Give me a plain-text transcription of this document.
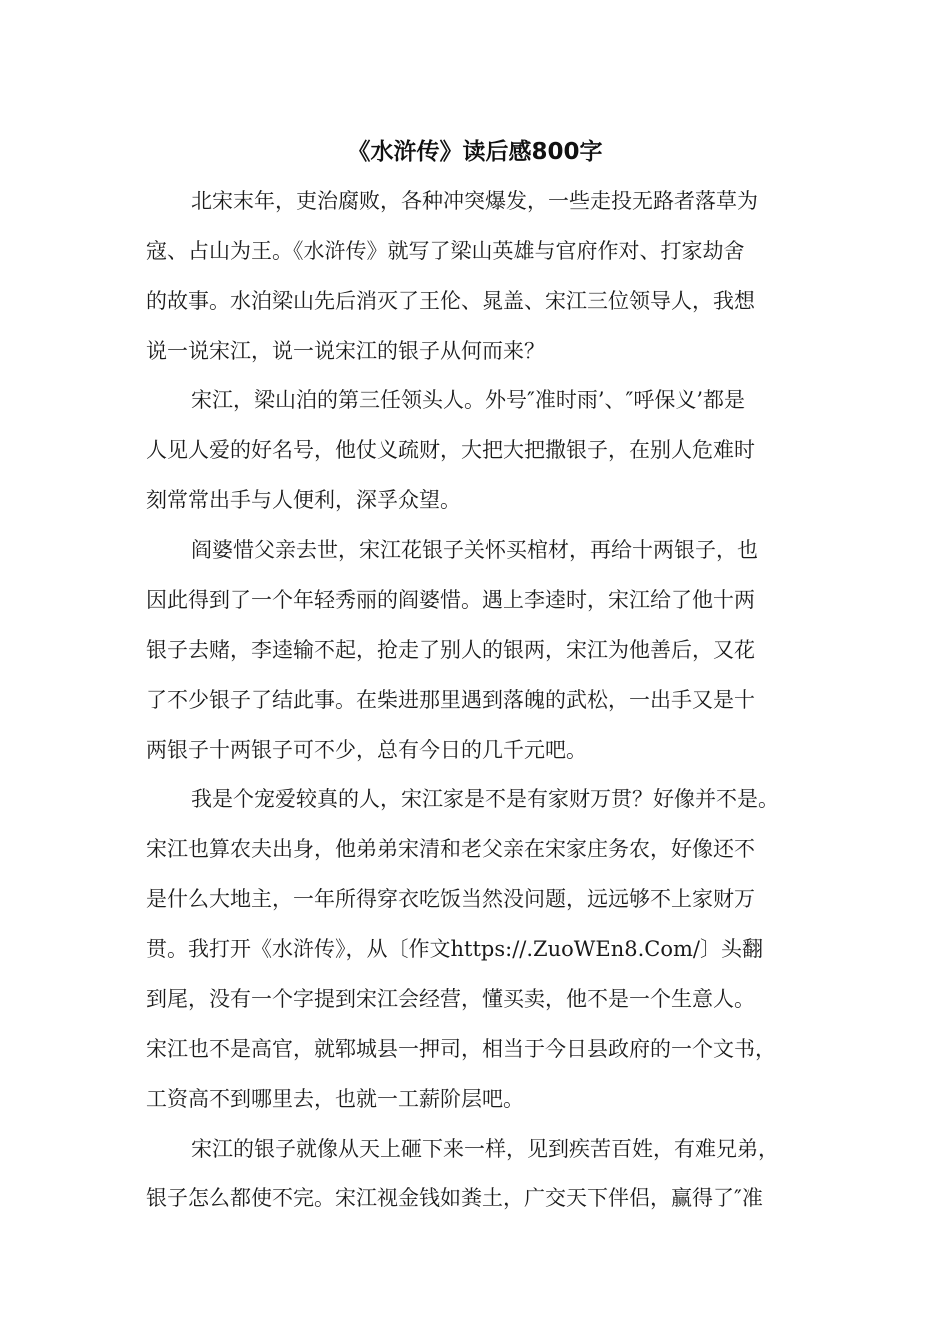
《水浒传》读后感800字
北宋末年，吏治腐败，各种冲突爆发，一些走投无路者落草为
寇、占山为王。《水浒传》就写了梁山英雄与官府作对、打家劫舍
的故事。水泊梁山先后消灭了王伦、晁盖、宋江三位领导人，我想
说一说宋江，说一说宋江的银子从何而来？
宋江，梁山泊的第三任领头人。外号″准时雨’、″呼保义’都是
人见人爱的好名号，他仗义疏财，大把大把撒银子，在别人危难时
刻常常出手与人便利，深孚众望。
阎婆惜父亲去世，宋江花银子关怀买棺材，再给十两银子，也
因此得到了一个年轻秀丽的阎婆惜。遇上李逵时，宋江给了他十两
银子去赌，李逵输不起，抢走了别人的银两，宋江为他善后，又花
了不少银子了结此事。在柴进那里遇到落魄的武松，一出手又是十
两银子十两银子可不少，总有今日的几千元吧。
我是个宠爱较真的人，宋江家是不是有家财万贯？好像并不是。
宋江也算农夫出身，他弟弟宋清和老父亲在宋家庄务农，好像还不
是什么大地主，一年所得穿衣吃饭当然没问题，远远够不上家财万
贯。我打开《水浒传》，从〔作文https://.ZuoWEn8.Com/〕头翻
到尾，没有一个字提到宋江会经营，懂买卖，他不是一个生意人。
宋江也不是高官，就郓城县一押司，相当于今日县政府的一个文书，
工资高不到哪里去，也就一工薪阶层吧。
宋江的银子就像从天上砸下来一样，见到疾苦百姓，有难兄弟，
银子怎么都使不完。宋江视金钱如粪土，广交天下伴侣，赢得了″准
